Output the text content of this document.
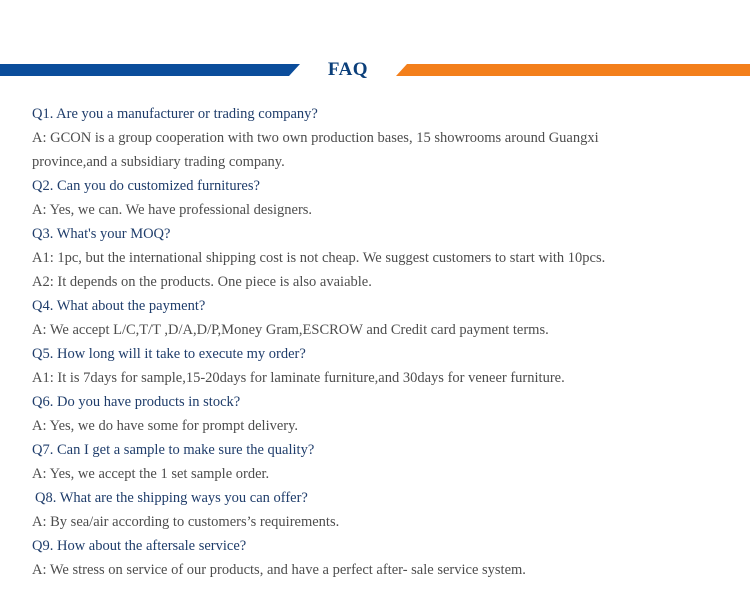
FAQ
Q1. Are you a manufacturer or trading company?
A: GCON is a group cooperation with two own production bases, 15 showrooms around Guangxi
province,and a subsidiary trading company.
Q2. Can you do customized furnitures?
A: Yes, we can. We have professional designers.
Q3. What's your MOQ?
A1: 1pc, but the international shipping cost is not cheap. We suggest customers to start with 10pcs.
A2: It depends on the products. One piece is also avaiable.
Q4. What about the payment?
A: We accept L/C,T/T ,D/A,D/P,Money Gram,ESCROW and Credit card payment terms.
Q5. How long will it take to execute my order?
A1: It is 7days for sample,15-20days for laminate furniture,and 30days for veneer furniture.
Q6. Do you have products in stock?
A: Yes, we do have some for prompt delivery.
Q7. Can I get a sample to make sure the quality?
A: Yes, we accept the 1 set sample order.
Q8. What are the shipping ways you can offer?
A: By sea/air according to customers’s requirements.
Q9. How about the aftersale service?
A: We stress on service of our products, and have a perfect after- sale service system.
